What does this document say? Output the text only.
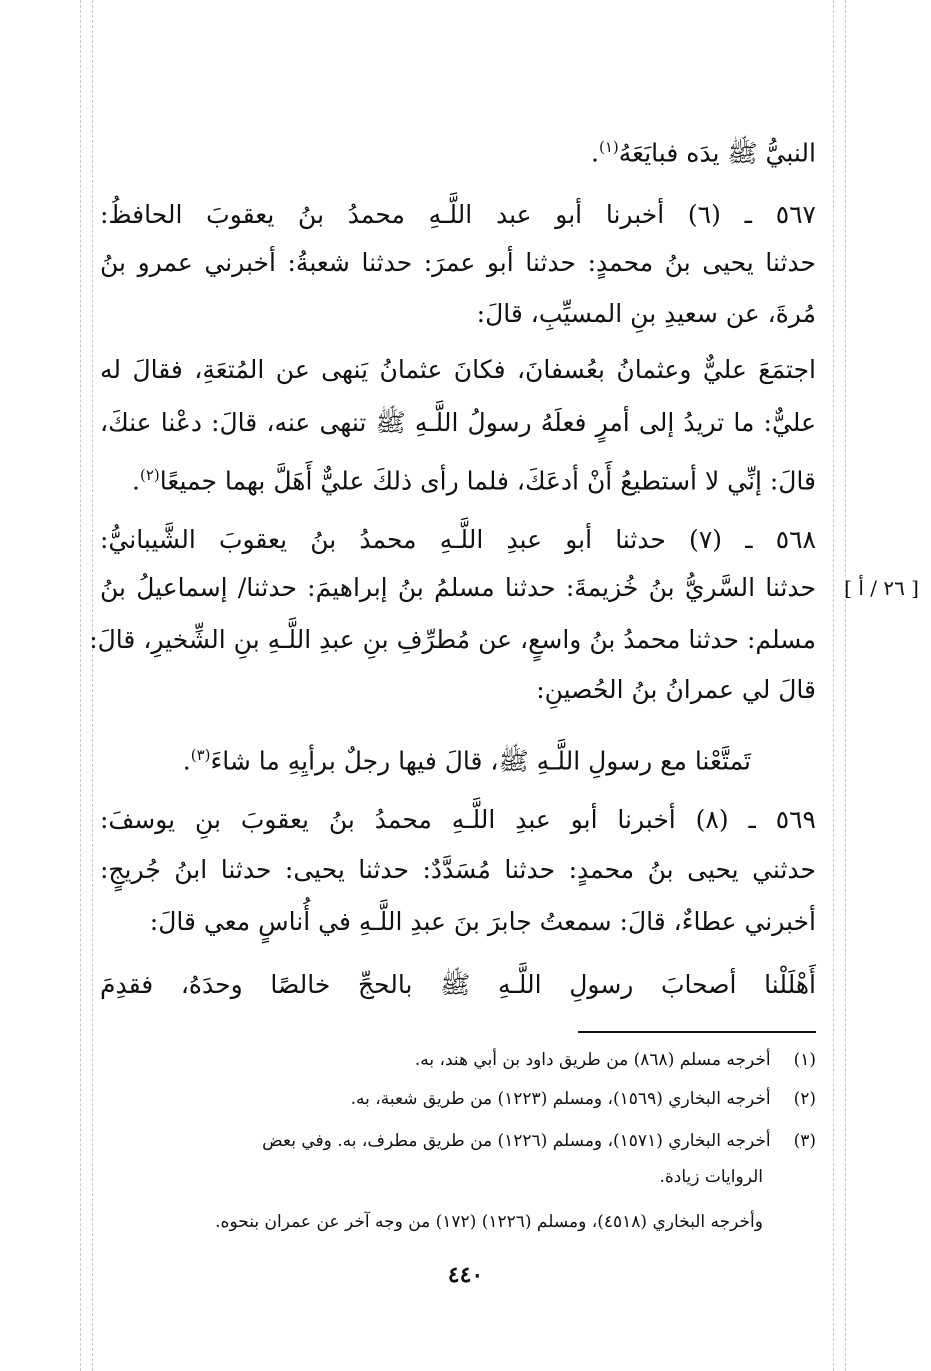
النبيُّ ﷺ يدَه فبايَعَهُ$^{(١)}$.
٥٦٧ ـ (٦) أخبرنا أبو عبد اللَّـهِ محمدُ بنُ يعقوبَ الحافظُ:
حدثنا يحيى بنُ محمدٍ: حدثنا أبو عمرَ: حدثنا شعبةُ: أخبرني عمرو بنُ
مُرةَ، عن سعيدِ بنِ المسيِّبِ، قالَ:
اجتمَعَ عليٌّ وعثمانُ بعُسفانَ، فكانَ عثمانُ يَنهى عن المُتعَةِ، فقالَ له
عليٌّ: ما تريدُ إلى أمرٍ فعلَهُ رسولُ اللَّـهِ ﷺ تنهى عنه، قالَ: دعْنا عنكَ،
قالَ: إنِّي لا أستطيعُ أَنْ أدعَكَ، فلما رأى ذلكَ عليٌّ أَهَلَّ بهما جميعًا$^{(٢)}$.
٥٦٨ ـ (٧) حدثنا أبو عبدِ اللَّـهِ محمدُ بنُ يعقوبَ الشَّيبانيُّ:
[ ٢٦ / أ ]
حدثنا السَّريُّ بنُ خُزيمةَ: حدثنا مسلمُ بنُ إبراهيمَ: حدثنا/ إسماعيلُ بنُ
مسلم: حدثنا محمدُ بنُ واسعٍ، عن مُطرِّفِ بنِ عبدِ اللَّـهِ بنِ الشِّخيرِ، قالَ:
قالَ لي عمرانُ بنُ الحُصينِ:
تَمتَّعْنا مع رسولِ اللَّـهِ ﷺ، قالَ فيها رجلٌ برأيِهِ ما شاءَ$^{(٣)}$.
٥٦٩ ـ (٨) أخبرنا أبو عبدِ اللَّـهِ محمدُ بنُ يعقوبَ بنِ يوسفَ:
حدثني يحيى بنُ محمدٍ: حدثنا مُسَدَّدٌ: حدثنا يحيى: حدثنا ابنُ جُريجٍ:
أخبرني عطاءٌ، قالَ: سمعتُ جابرَ بنَ عبدِ اللَّـهِ في أُناسٍ معي قالَ:
أَهْلَلْنا أصحابَ رسولِ اللَّـهِ ﷺ بالحجِّ خالصًا وحدَهُ، فقدِمَ
(١) أخرجه مسلم (٨٦٨) من طريق داود بن أبي هند، به.
(٢) أخرجه البخاري (١٥٦٩)، ومسلم (١٢٢٣) من طريق شعبة، به.
(٣) أخرجه البخاري (١٥٧١)، ومسلم (١٢٢٦) من طريق مطرف، به. وفي بعض
الروايات زيادة.
وأخرجه البخاري (٤٥١٨)، ومسلم (١٢٢٦) (١٧٢) من وجه آخر عن عمران بنحوه.
٤٤٠
